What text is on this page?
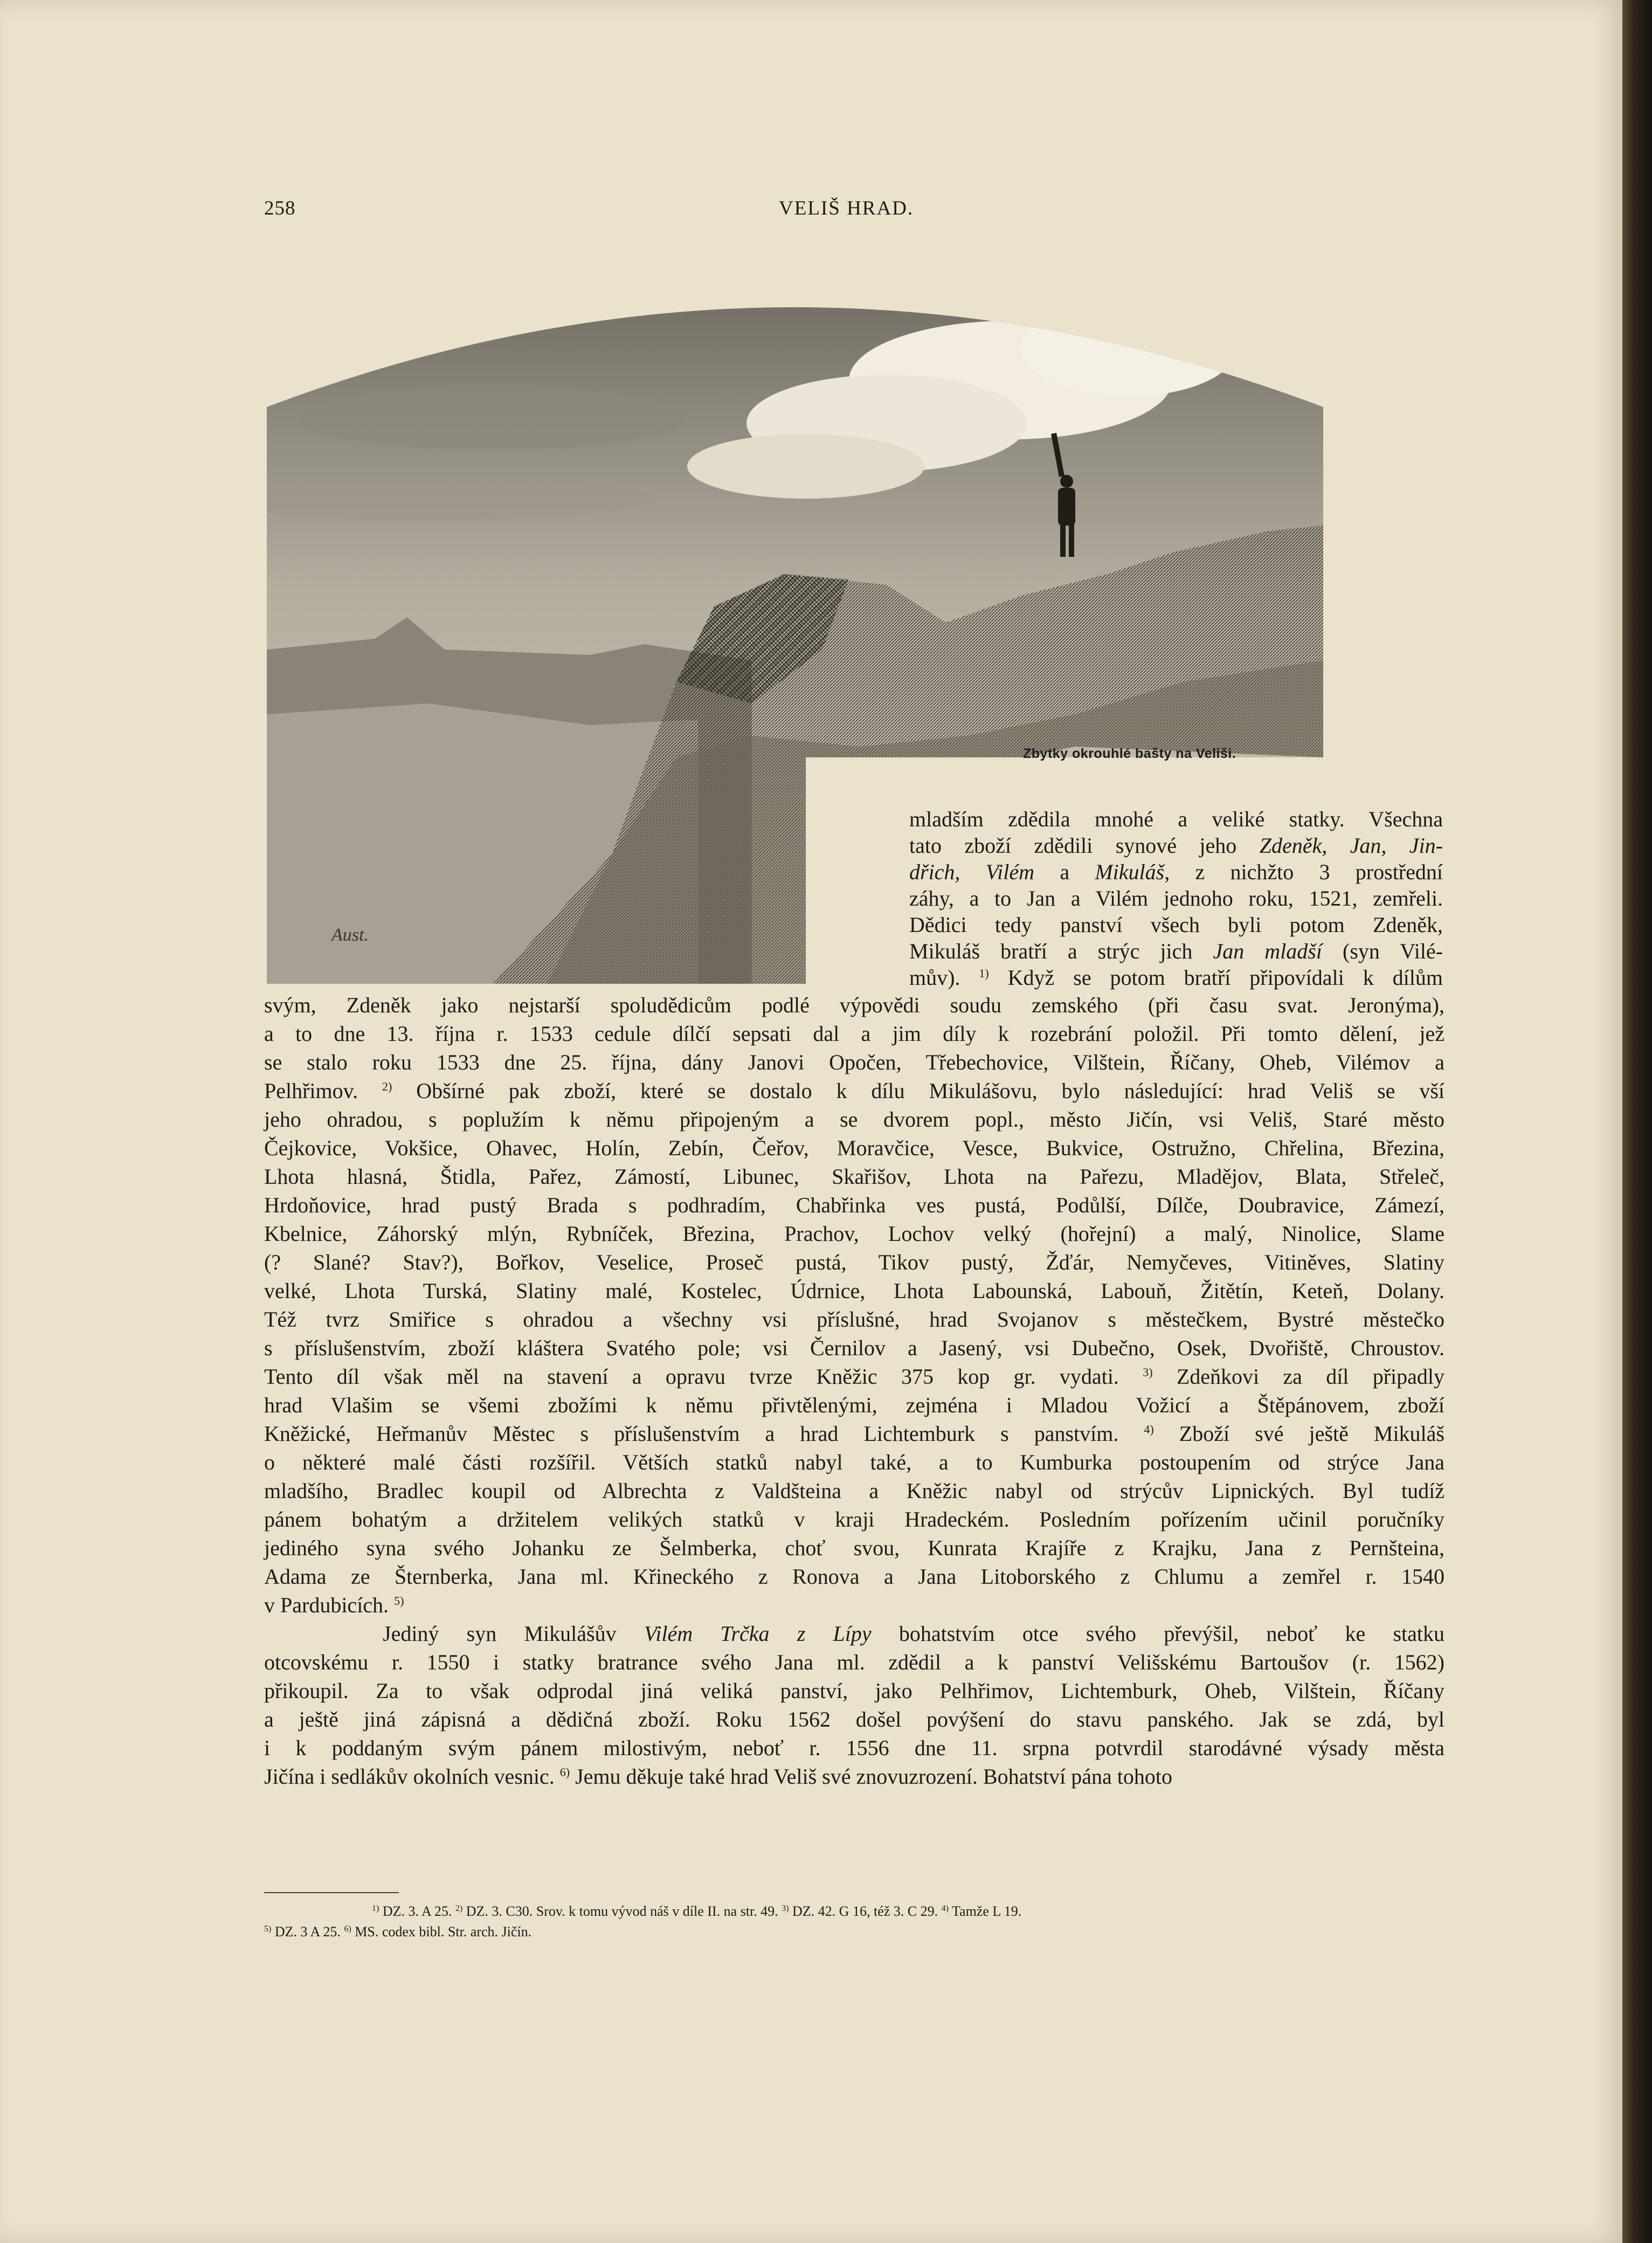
258	VELIŠ HRAD.
Aust.
Zbytky okrouhlé bašty na Veliši.
mladším zdědila mnohé a veliké statky. Všechna
tato zboží zdědili synové jeho Zdeněk, Jan, Jin-
dřich, Vilém a Mikuláš, z nichžto 3 prostřední
záhy, a to Jan a Vilém jednoho roku, 1521, zemřeli.
Dědici tedy panství všech byli potom Zdeněk,
Mikuláš bratří a strýc jich Jan mladší (syn Vilé-
mův). $^{1)}$ Když se potom bratří připovídali k dílům
svým, Zdeněk jako nejstarší spoludědicům podlé výpovědi soudu zemského (při času svat. Jeronýma),
a to dne 13. října r. 1533 cedule dílčí sepsati dal a jim díly k rozebrání položil. Při tomto dělení, jež
se stalo roku 1533 dne 25. října, dány Janovi Opočen, Třebechovice, Vilštein, Říčany, Oheb, Vilémov a
Pelhřimov. $^{2)}$ Obšírné pak zboží, které se dostalo k dílu Mikulášovu, bylo následující: hrad Veliš se vší
jeho ohradou, s poplužím k němu připojeným a se dvorem popl., město Jičín, vsi Veliš, Staré město
Čejkovice, Vokšice, Ohavec, Holín, Zebín, Čeřov, Moravčice, Vesce, Bukvice, Ostružno, Chřelina, Březina,
Lhota hlasná, Štidla, Pařez, Zámostí, Libunec, Skařišov, Lhota na Pařezu, Mladějov, Blata, Střeleč,
Hrdoňovice, hrad pustý Brada s podhradím, Chabřinka ves pustá, Podůlší, Dílče, Doubravice, Zámezí,
Kbelnice, Záhorský mlýn, Rybníček, Březina, Prachov, Lochov velký (hořejní) a malý, Ninolice, Slame
(? Slané? Stav?), Bořkov, Veselice, Proseč pustá, Tikov pustý, Žďár, Nemyčeves, Vitiněves, Slatiny
velké, Lhota Turská, Slatiny malé, Kostelec, Údrnice, Lhota Labounská, Labouň, Žitětín, Keteň, Dolany.
Též tvrz Smiřice s ohradou a všechny vsi příslušné, hrad Svojanov s městečkem, Bystré městečko
s příslušenstvím, zboží kláštera Svatého pole; vsi Černilov a Jasený, vsi Dubečno, Osek, Dvořiště, Chroustov.
Tento díl však měl na stavení a opravu tvrze Kněžic 375 kop gr. vydati. $^{3)}$ Zdeňkovi za díl připadly
hrad Vlašim se všemi zbožími k němu přivtělenými, zejména i Mladou Vožicí a Štěpánovem, zboží
Kněžické, Heřmanův Městec s příslušenstvím a hrad Lichtemburk s panstvím. $^{4)}$ Zboží své ještě Mikuláš
o některé malé části rozšířil. Větších statků nabyl také, a to Kumburka postoupením od strýce Jana
mladšího, Bradlec koupil od Albrechta z Valdšteina a Kněžic nabyl od strýcův Lipnických. Byl tudíž
pánem bohatým a držitelem velikých statků v kraji Hradeckém. Posledním pořízením učinil poručníky
jediného syna svého Johanku ze Šelmberka, choť svou, Kunrata Krajíře z Krajku, Jana z Pernšteina,
Adama ze Šternberka, Jana ml. Křineckého z Ronova a Jana Litoborského z Chlumu a zemřel r. 1540
v Pardubicích. $^{5)}$
Jediný syn Mikulášův Vilém Trčka z Lípy bohatstvím otce svého převýšil, neboť ke statku
otcovskému r. 1550 i statky bratrance svého Jana ml. zdědil a k panství Velišskému Bartoušov (r. 1562)
přikoupil. Za to však odprodal jiná veliká panství, jako Pelhřimov, Lichtemburk, Oheb, Vilštein, Říčany
a ještě jiná zápisná a dědičná zboží. Roku 1562 došel povýšení do stavu panského. Jak se zdá, byl
i k poddaným svým pánem milostivým, neboť r. 1556 dne 11. srpna potvrdil starodávné výsady města
Jičína i sedlákův okolních vesnic. $^{6)}$ Jemu děkuje také hrad Veliš své znovuzrození. Bohatství pána tohoto
$^{1)}$ DZ. 3. A 25. $^{2)}$ DZ. 3. C30. Srov. k tomu vývod náš v díle II. na str. 49. $^{3)}$ DZ. 42. G 16, též 3. C 29. $^{4)}$ Tamže L 19.
$^{5)}$ DZ. 3 A 25. $^{6)}$ MS. codex bibl. Str. arch. Jičín.
